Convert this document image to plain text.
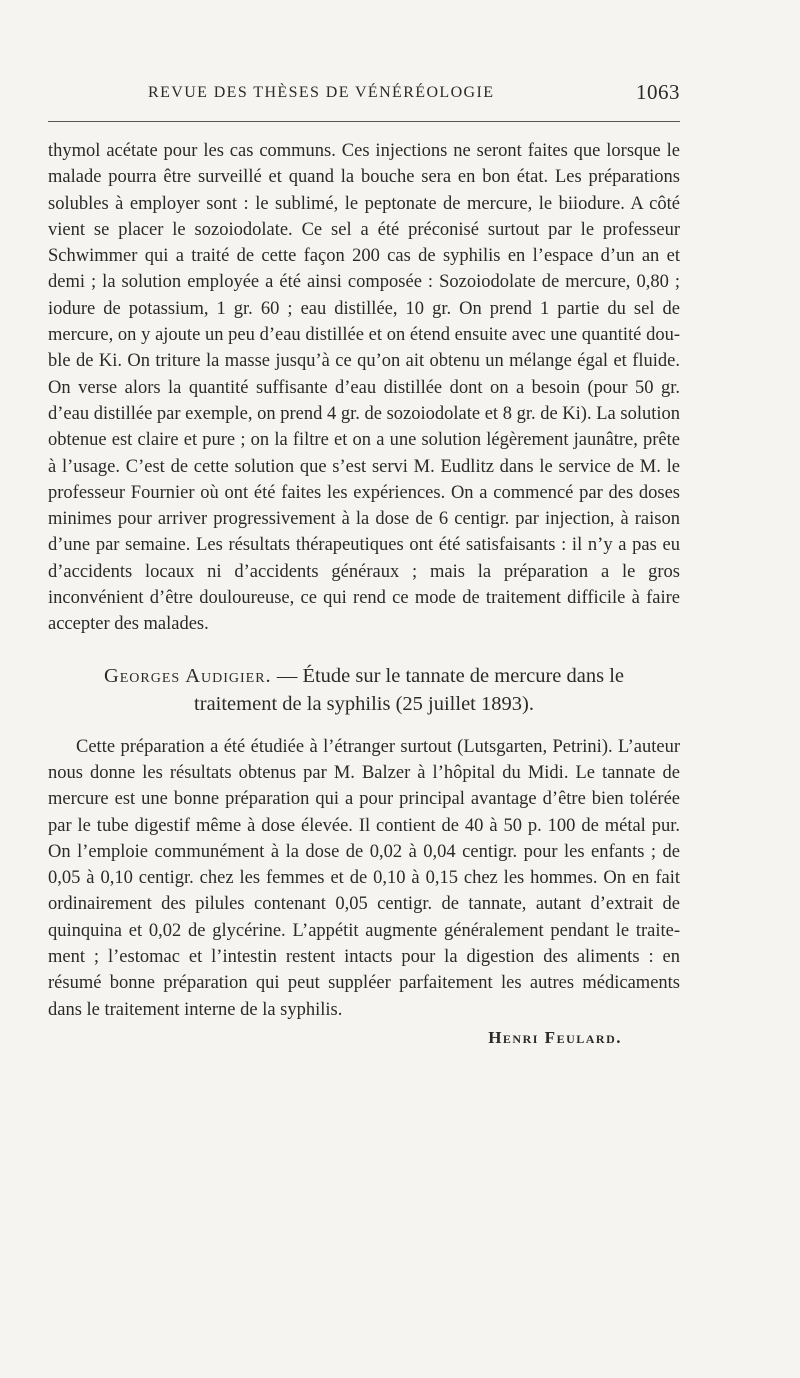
REVUE DES THÈSES DE VÉNÉRÉOLOGIE	1063

thymol acétate pour les cas communs. Ces injections ne seront faites que lorsque le malade pourra être surveillé et quand la bouche sera en bon état. Les préparations solubles à employer sont : le sublimé, le peptonate de mercure, le biiodure. A côté vient se placer le sozoiodolate. Ce sel a été préconisé surtout par le professeur Schwimmer qui a traité de cette façon 200 cas de syphilis en l’espace d’un an et demi ; la solution employée a été ainsi composée : Sozoiodolate de mercure, 0,80 ; iodure de potassium, 1 gr. 60 ; eau distillée, 10 gr. On prend 1 partie du sel de mercure, on y ajoute un peu d’eau distillée et on étend ensuite avec une quantité double de Ki. On triture la masse jusqu’à ce qu’on ait obtenu un mélange égal et fluide. On verse alors la quantité suffisante d’eau distillée dont on a besoin (pour 50 gr. d’eau distillée par exemple, on prend 4 gr. de sozoiodolate et 8 gr. de Ki). La solution obtenue est claire et pure ; on la filtre et on a une solution légèrement jaunâtre, prête à l’usage. C’est de cette solution que s’est servi M. Eudlitz dans le service de M. le professeur Fournier où ont été faites les expériences. On a commencé par des doses minimes pour arriver progressivement à la dose de 6 centigr. par injection, à raison d’une par semaine. Les résultats thérapeutiques ont été satisfaisants : il n’y a pas eu d’accidents locaux ni d’accidents généraux ; mais la préparation a le gros inconvénient d’être douloureuse, ce qui rend ce mode de traitement difficile à faire accepter des malades.

Georges Audigier. — Étude sur le tannate de mercure dans le
traitement de la syphilis (25 juillet 1893).

Cette préparation a été étudiée à l’étranger surtout (Lutsgarten, Petrini). L’auteur nous donne les résultats obtenus par M. Balzer à l’hôpital du Midi. Le tannate de mercure est une bonne préparation qui a pour principal avantage d’être bien tolérée par le tube digestif même à dose élevée. Il contient de 40 à 50 p. 100 de métal pur. On l’emploie communément à la dose de 0,02 à 0,04 centigr. pour les enfants ; de 0,05 à 0,10 centigr. chez les femmes et de 0,10 à 0,15 chez les hommes. On en fait ordinairement des pilules contenant 0,05 centigr. de tannate, autant d’extrait de quinquina et 0,02 de glycérine. L’appétit augmente généralement pendant le traitement ; l’estomac et l’intestin restent intacts pour la digestion des aliments : en résumé bonne préparation qui peut suppléer parfaitement les autres médicaments dans le traitement interne de la syphilis.

Henri Feulard.
